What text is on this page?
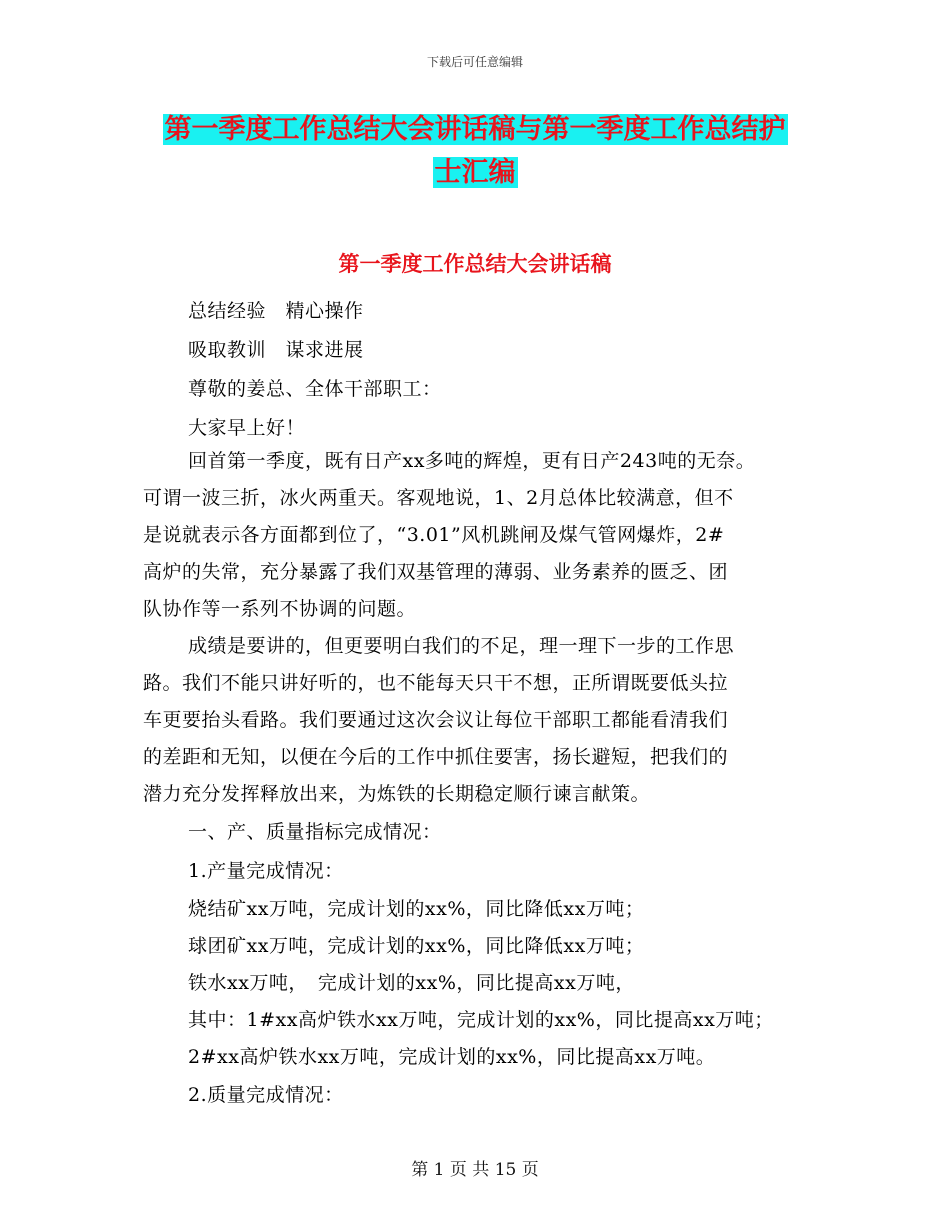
下载后可任意编辑
第一季度工作总结大会讲话稿与第一季度工作总结护
士汇编
第一季度工作总结大会讲话稿
总结经验　精心操作
吸取教训　谋求进展
尊敬的姜总、全体干部职工：
大家早上好！
回首第一季度，既有日产xx多吨的辉煌，更有日产243吨的无奈。
可谓一波三折，冰火两重天。客观地说，1、2月总体比较满意，但不
是说就表示各方面都到位了，“3.01”风机跳闸及煤气管网爆炸，2#
高炉的失常，充分暴露了我们双基管理的薄弱、业务素养的匮乏、团
队协作等一系列不协调的问题。
成绩是要讲的，但更要明白我们的不足，理一理下一步的工作思
路。我们不能只讲好听的，也不能每天只干不想，正所谓既要低头拉
车更要抬头看路。我们要通过这次会议让每位干部职工都能看清我们
的差距和无知，以便在今后的工作中抓住要害，扬长避短，把我们的
潜力充分发挥释放出来，为炼铁的长期稳定顺行谏言献策。
一、产、质量指标完成情况：
1.产量完成情况：
烧结矿xx万吨，完成计划的xx%，同比降低xx万吨；
球团矿xx万吨，完成计划的xx%，同比降低xx万吨；
铁水xx万吨，　完成计划的xx%，同比提高xx万吨，
其中：1#xx高炉铁水xx万吨，完成计划的xx%，同比提高xx万吨；
2#xx高炉铁水xx万吨，完成计划的xx%，同比提高xx万吨。
2.质量完成情况：
第 1 页 共 15 页
